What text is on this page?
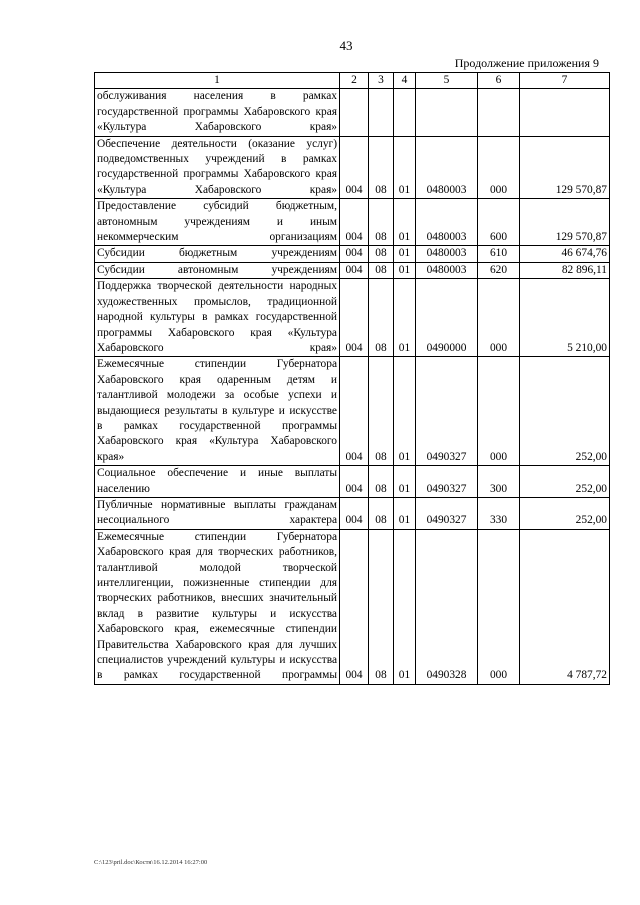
43
Продолжение приложения 9
1	2	3	4	5	6	7
обслуживания населения в рамках государственной программы Хабаровского края «Культура Хабаровского края»						
Обеспечение деятельности (оказание услуг) подведомственных учреждений в рамках государственной программы Хабаровского края «Культура Хабаровского края»	004	08	01	0480003	000	129 570,87
Предоставление субсидий бюджетным, автономным учреждениям и иным некоммерческим организациям	004	08	01	0480003	600	129 570,87
Субсидии бюджетным учреждениям	004	08	01	0480003	610	46 674,76
Субсидии автономным учреждениям	004	08	01	0480003	620	82 896,11
Поддержка творческой деятельности народных художественных промыслов, традиционной народной культуры в рамках государственной программы Хабаровского края «Культура Хабаровского края»	004	08	01	0490000	000	5 210,00
Ежемесячные стипендии Губернатора Хабаровского края одаренным детям и талантливой молодежи за особые успехи и выдающиеся результаты в культуре и искусстве в рамках государственной программы Хабаровского края «Культура Хабаровского края»	004	08	01	0490327	000	252,00
Социальное обеспечение и иные выплаты населению	004	08	01	0490327	300	252,00
Публичные нормативные выплаты гражданам несоциального характера	004	08	01	0490327	330	252,00
Ежемесячные стипендии Губернатора Хабаровского края для творческих работников, талантливой молодой творческой интеллигенции, пожизненные стипендии для творческих работников, внесших значительный вклад в развитие культуры и искусства Хабаровского края, ежемесячные стипендии Правительства Хабаровского края для лучших специалистов учреждений культуры и искусства в рамках государственной программы	004	08	01	0490328	000	4 787,72
C:\123\pril.doc\Костя\16.12.2014 16:27:00
